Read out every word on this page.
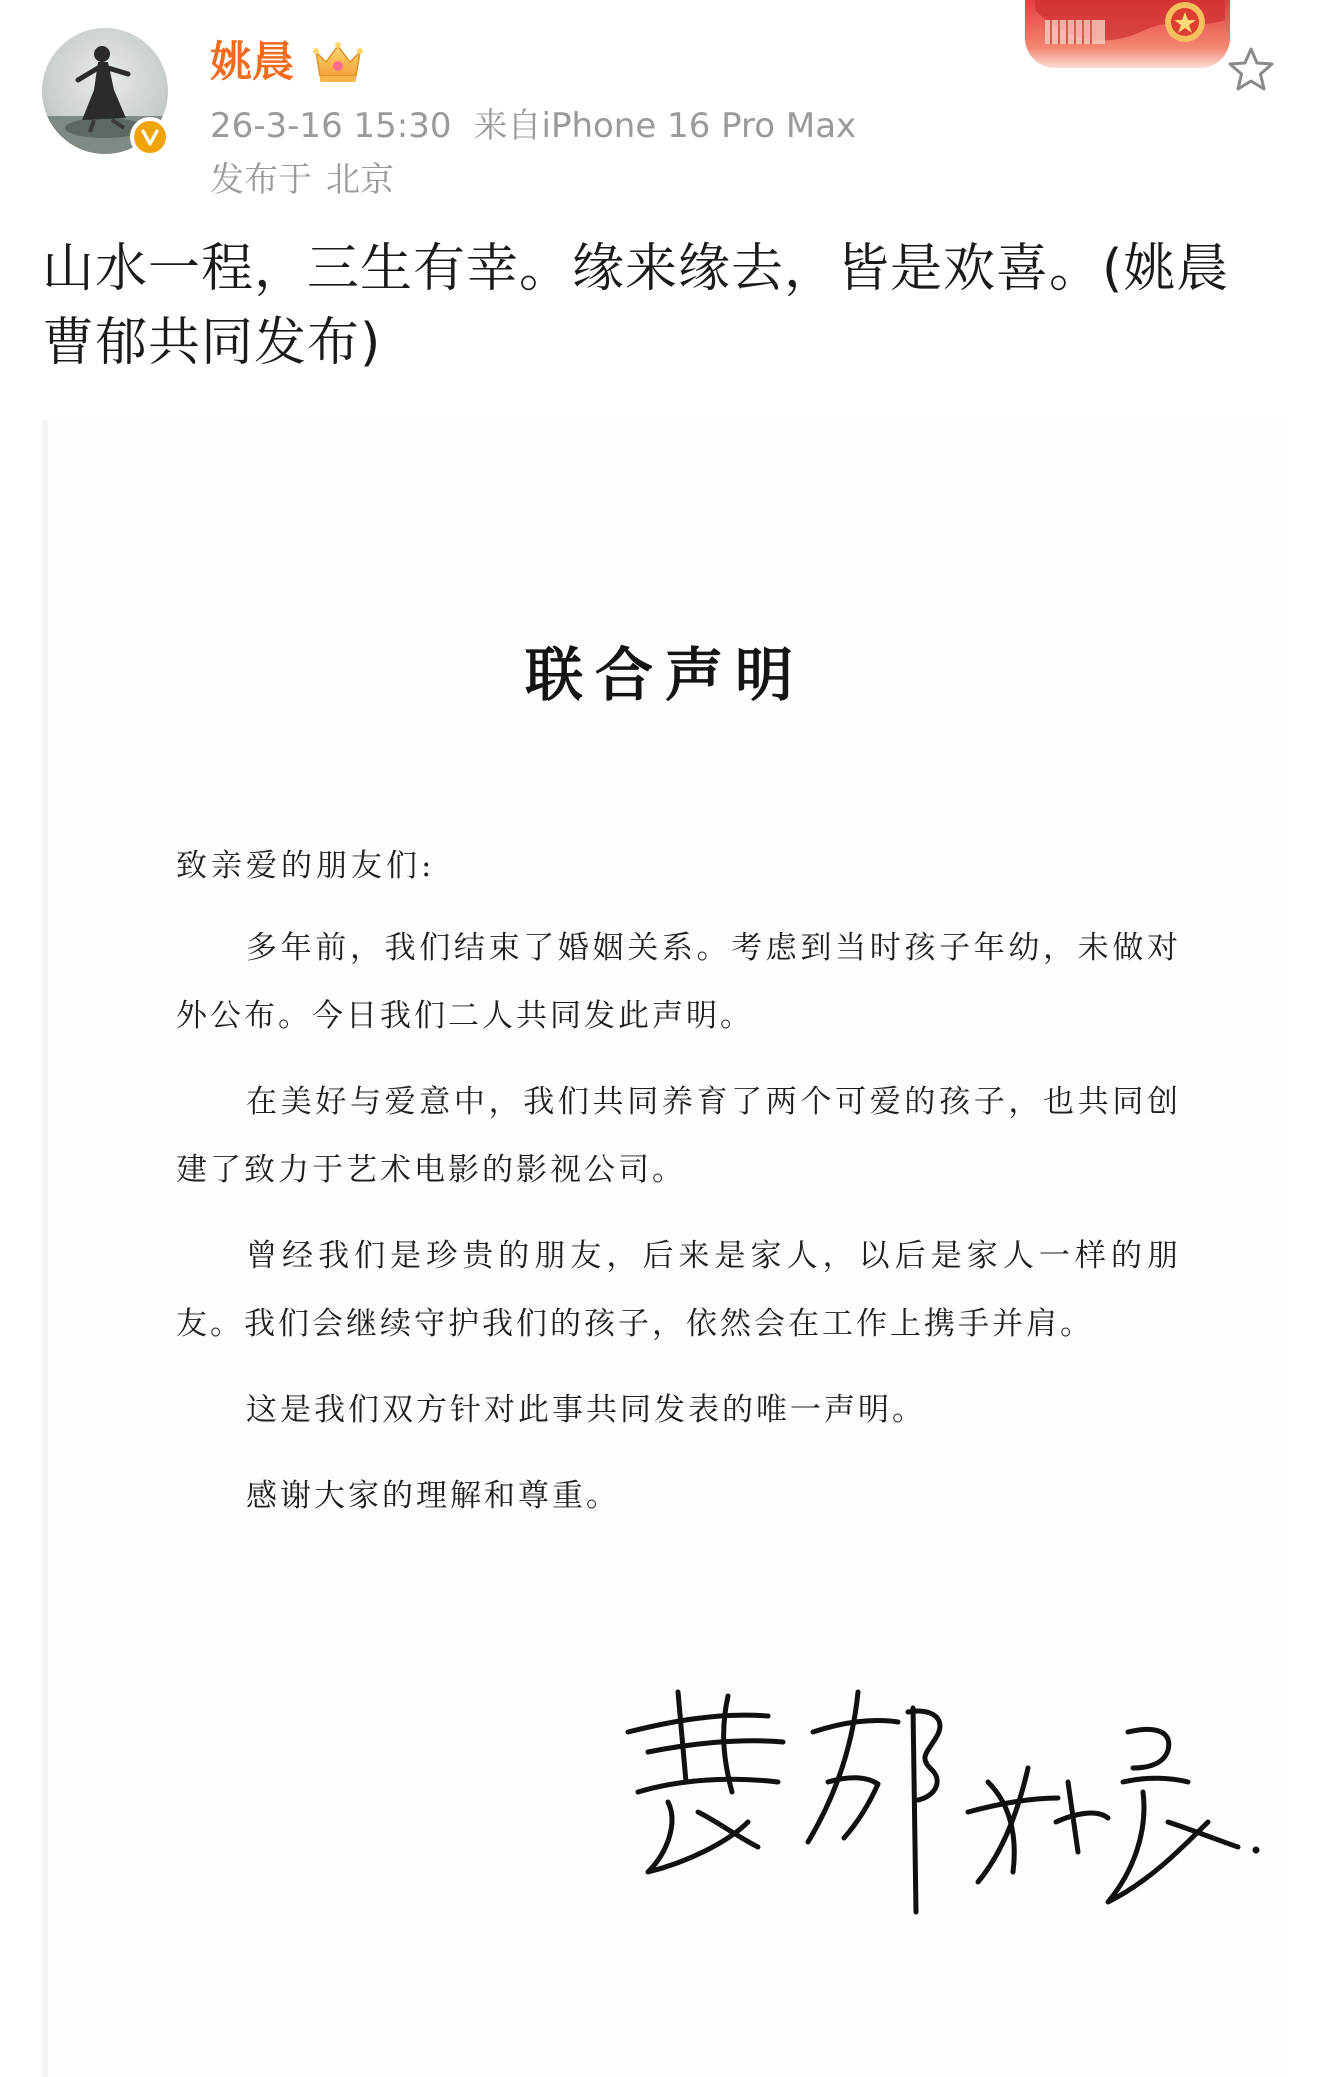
姚晨
26-3-16 15:30 来自iPhone 16 Pro Max
发布于 北京
山水一程，三生有幸。缘来缘去，皆是欢喜。(姚晨曹郁共同发布)
联合声明
致亲爱的朋友们:

多年前，我们结束了婚姻关系。考虑到当时孩子年幼，未做对外公布。今日我们二人共同发此声明。

在美好与爱意中，我们共同养育了两个可爱的孩子，也共同创建了致力于艺术电影的影视公司。

曾经我们是珍贵的朋友，后来是家人，以后是家人一样的朋友。我们会继续守护我们的孩子，依然会在工作上携手并肩。

这是我们双方针对此事共同发表的唯一声明。

感谢大家的理解和尊重。
